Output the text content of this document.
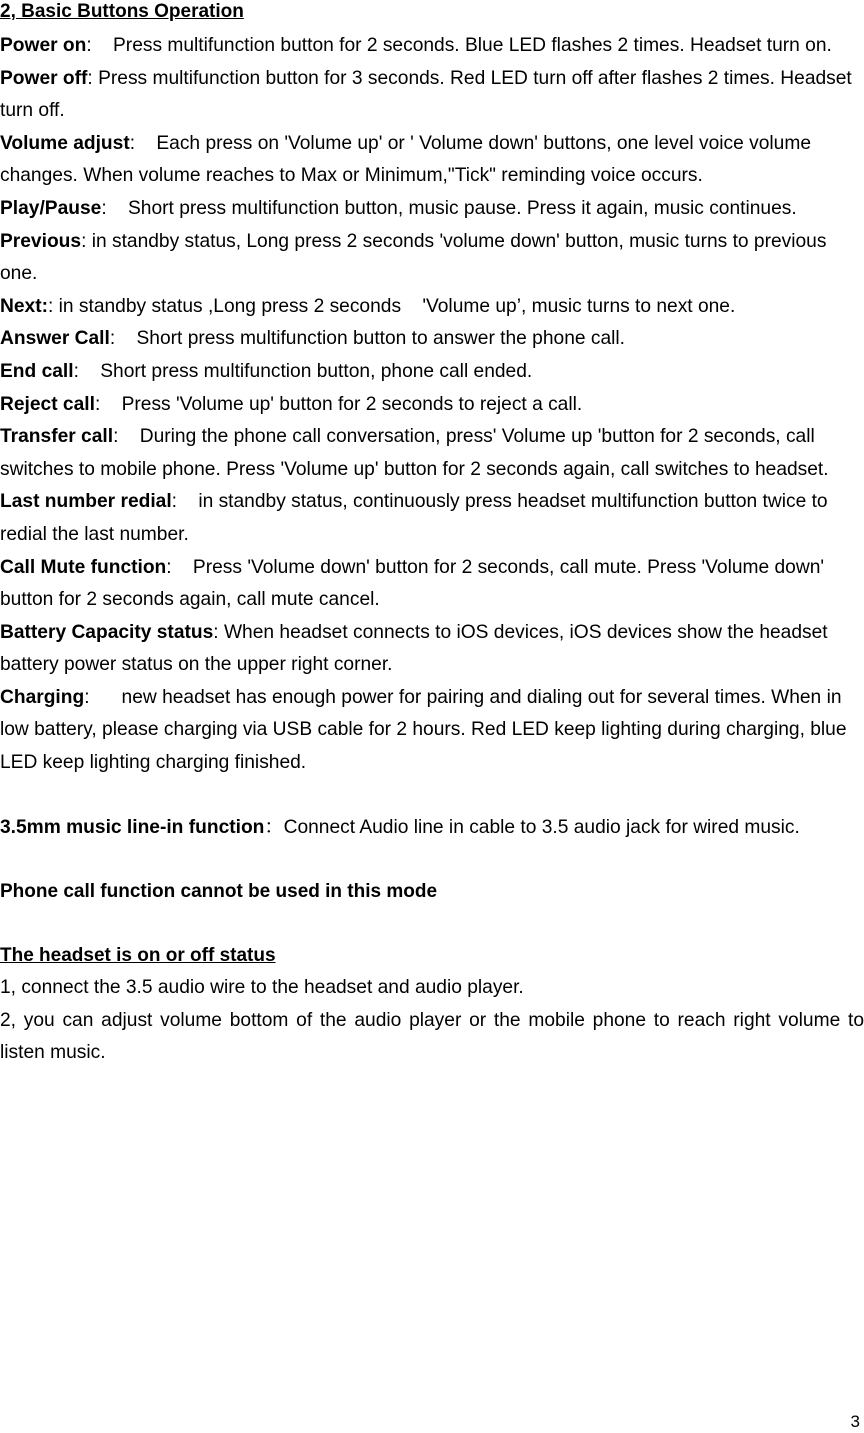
2, Basic Buttons Operation

Power on:    Press multifunction button for 2 seconds. Blue LED flashes 2 times. Headset turn on.

Power off: Press multifunction button for 3 seconds. Red LED turn off after flashes 2 times. Headset turn off.

Volume adjust:    Each press on 'Volume up' or ' Volume down' buttons, one level voice volume changes. When volume reaches to Max or Minimum,"Tick" reminding voice occurs.

Play/Pause:    Short press multifunction button, music pause. Press it again, music continues.

Previous: in standby status, Long press 2 seconds 'volume down' button, music turns to previous one.

Next:: in standby status ,Long press 2 seconds    'Volume up’, music turns to next one.

Answer Call:    Short press multifunction button to answer the phone call.

End call:    Short press multifunction button, phone call ended.

Reject call:    Press 'Volume up' button for 2 seconds to reject a call.

Transfer call:    During the phone call conversation, press' Volume up 'button for 2 seconds, call switches to mobile phone. Press 'Volume up' button for 2 seconds again, call switches to headset.

Last number redial:    in standby status, continuously press headset multifunction button twice to redial the last number.

Call Mute function:    Press 'Volume down' button for 2 seconds, call mute. Press 'Volume down' button for 2 seconds again, call mute cancel.

Battery Capacity status: When headset connects to iOS devices, iOS devices show the headset battery power status on the upper right corner.

Charging:      new headset has enough power for pairing and dialing out for several times. When in low battery, please charging via USB cable for 2 hours. Red LED keep lighting during charging, blue LED keep lighting charging finished.

3.5mm music line-in function：Connect Audio line in cable to 3.5 audio jack for wired music.

Phone call function cannot be used in this mode

The headset is on or off status

1, connect the 3.5 audio wire to the headset and audio player.

2, you can adjust volume bottom of the audio player or the mobile phone to reach right volume to listen music.

3
